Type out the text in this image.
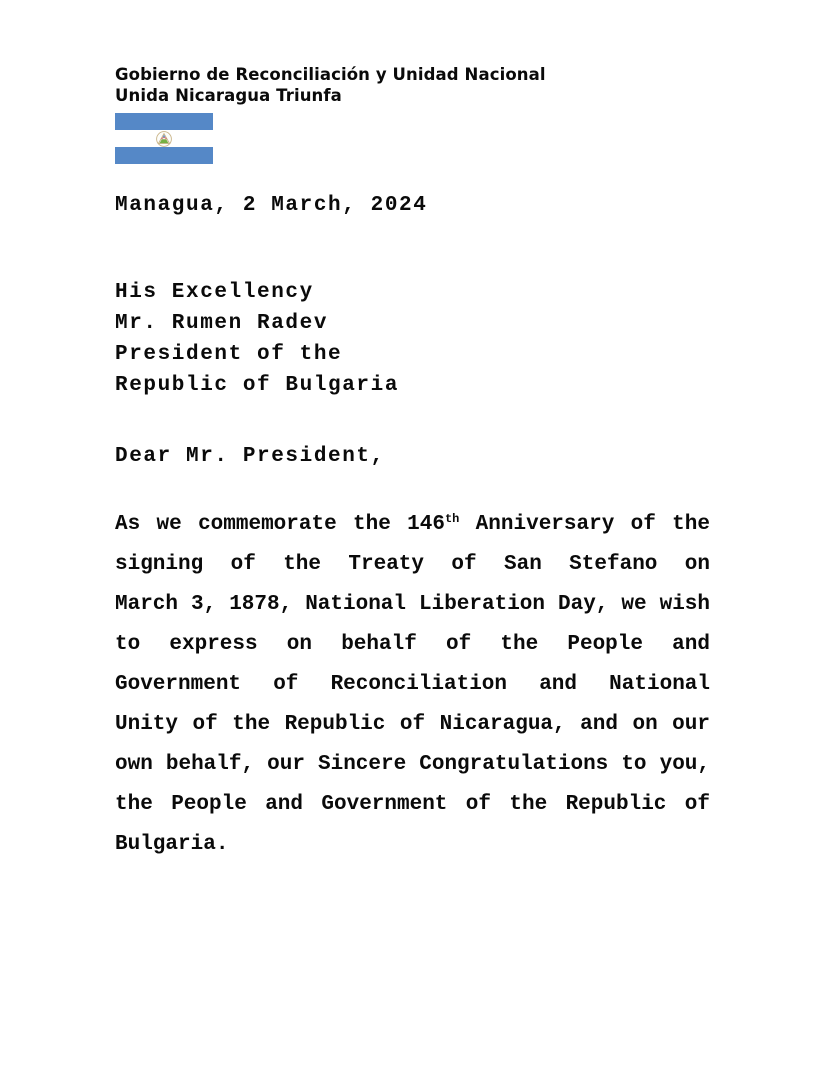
Gobierno de Reconciliación y Unidad Nacional
Unida Nicaragua Triunfa
Managua, 2 March, 2024
His Excellency
Mr. Rumen Radev
President of the
Republic of Bulgaria
Dear Mr. President,
As we commemorate the 146th Anniversary of the
signing of the Treaty of San Stefano on
March 3, 1878, National Liberation Day, we wish
to express on behalf of the People and
Government of Reconciliation and National
Unity of the Republic of Nicaragua, and on our
own behalf, our Sincere Congratulations to you,
the People and Government of the Republic of
Bulgaria.
